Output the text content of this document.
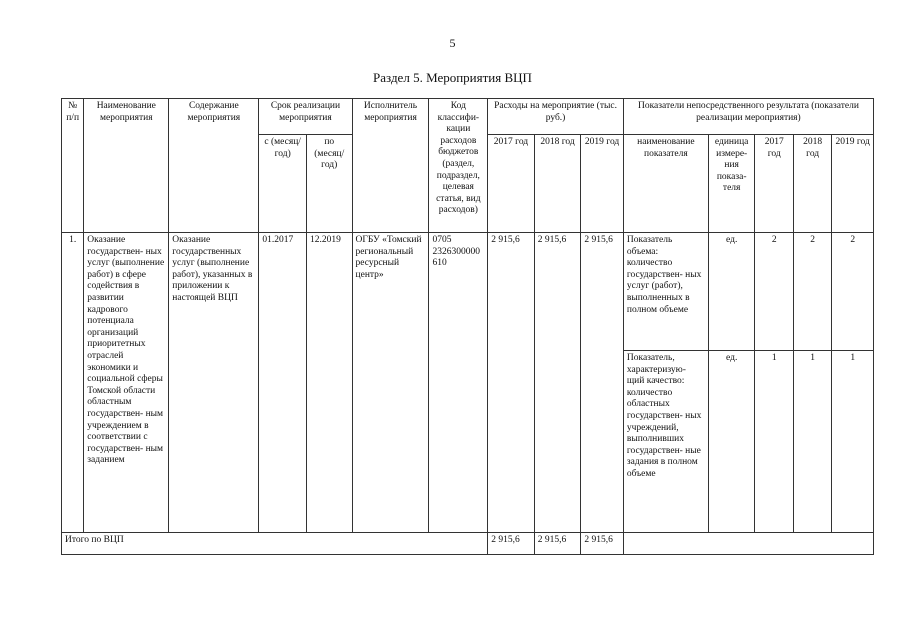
5
Раздел 5. Мероприятия ВЦП
№ п/п	Наименование мероприятия	Содержание мероприятия	Срок реализации мероприятия		Исполнитель мероприятия	Код классифи- кации расходов бюджетов (раздел, подраздел, целевая статья, вид расходов)	Расходы на мероприятие (тыс. руб.)			Показатели непосредственного результата (показатели реализации мероприятия)				
			с (месяц/ год)	по (месяц/ год)			2017 год	2018 год	2019 год	наименование показателя	единица измере- ния показа- теля	2017 год	2018 год	2019 год
1.	Оказание государствен- ных услуг (выполнение работ) в сфере содействия в развитии кадрового потенциала организаций приоритетных отраслей экономики и социальной сферы Томской области областным государствен- ным учреждением в соответствии с государствен- ным заданием	Оказание государственных услуг (выполнение работ), указанных в приложении к настоящей ВЦП	01.2017	12.2019	ОГБУ «Томский региональный ресурсный центр»	0705 2326300000 610	2 915,6	2 915,6	2 915,6	Показатель объема: количество государствен- ных услуг (работ), выполненных в полном объеме	ед.	2	2	2
										Показатель, характеризую- щий качество: количество областных государствен- ных учреждений, выполнивших государствен- ные задания в полном объеме	ед.	1	1	1
Итого по ВЦП							2 915,6	2 915,6	2 915,6					
